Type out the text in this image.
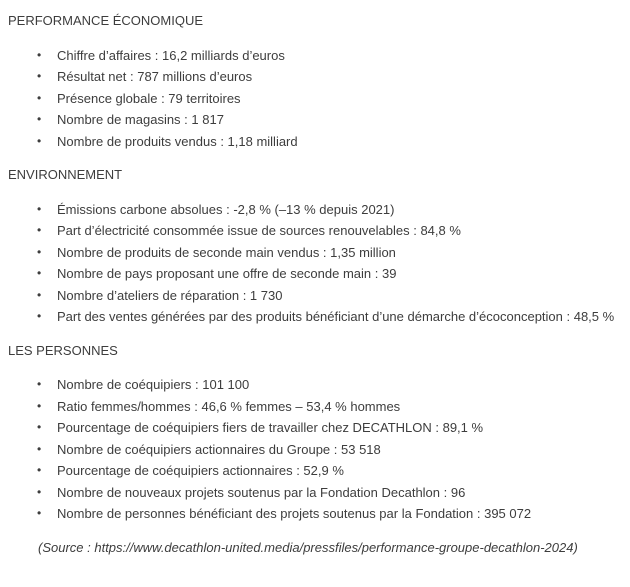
PERFORMANCE ÉCONOMIQUE
• Chiffre d’affaires : 16,2 milliards d’euros
• Résultat net : 787 millions d’euros
• Présence globale : 79 territoires
• Nombre de magasins : 1 817
• Nombre de produits vendus : 1,18 milliard
ENVIRONNEMENT
• Émissions carbone absolues : -2,8 % (–13 % depuis 2021)
• Part d’électricité consommée issue de sources renouvelables : 84,8 %
• Nombre de produits de seconde main vendus : 1,35 million
• Nombre de pays proposant une offre de seconde main : 39
• Nombre d’ateliers de réparation : 1 730
• Part des ventes générées par des produits bénéficiant d’une démarche d’écoconception : 48,5 %
LES PERSONNES
• Nombre de coéquipiers : 101 100
• Ratio femmes/hommes : 46,6 % femmes – 53,4 % hommes
• Pourcentage de coéquipiers fiers de travailler chez DECATHLON : 89,1 %
• Nombre de coéquipiers actionnaires du Groupe : 53 518
• Pourcentage de coéquipiers actionnaires : 52,9 %
• Nombre de nouveaux projets soutenus par la Fondation Decathlon : 96
• Nombre de personnes bénéficiant des projets soutenus par la Fondation : 395 072
(Source : https://www.decathlon-united.media/pressfiles/performance-groupe-decathlon-2024)
